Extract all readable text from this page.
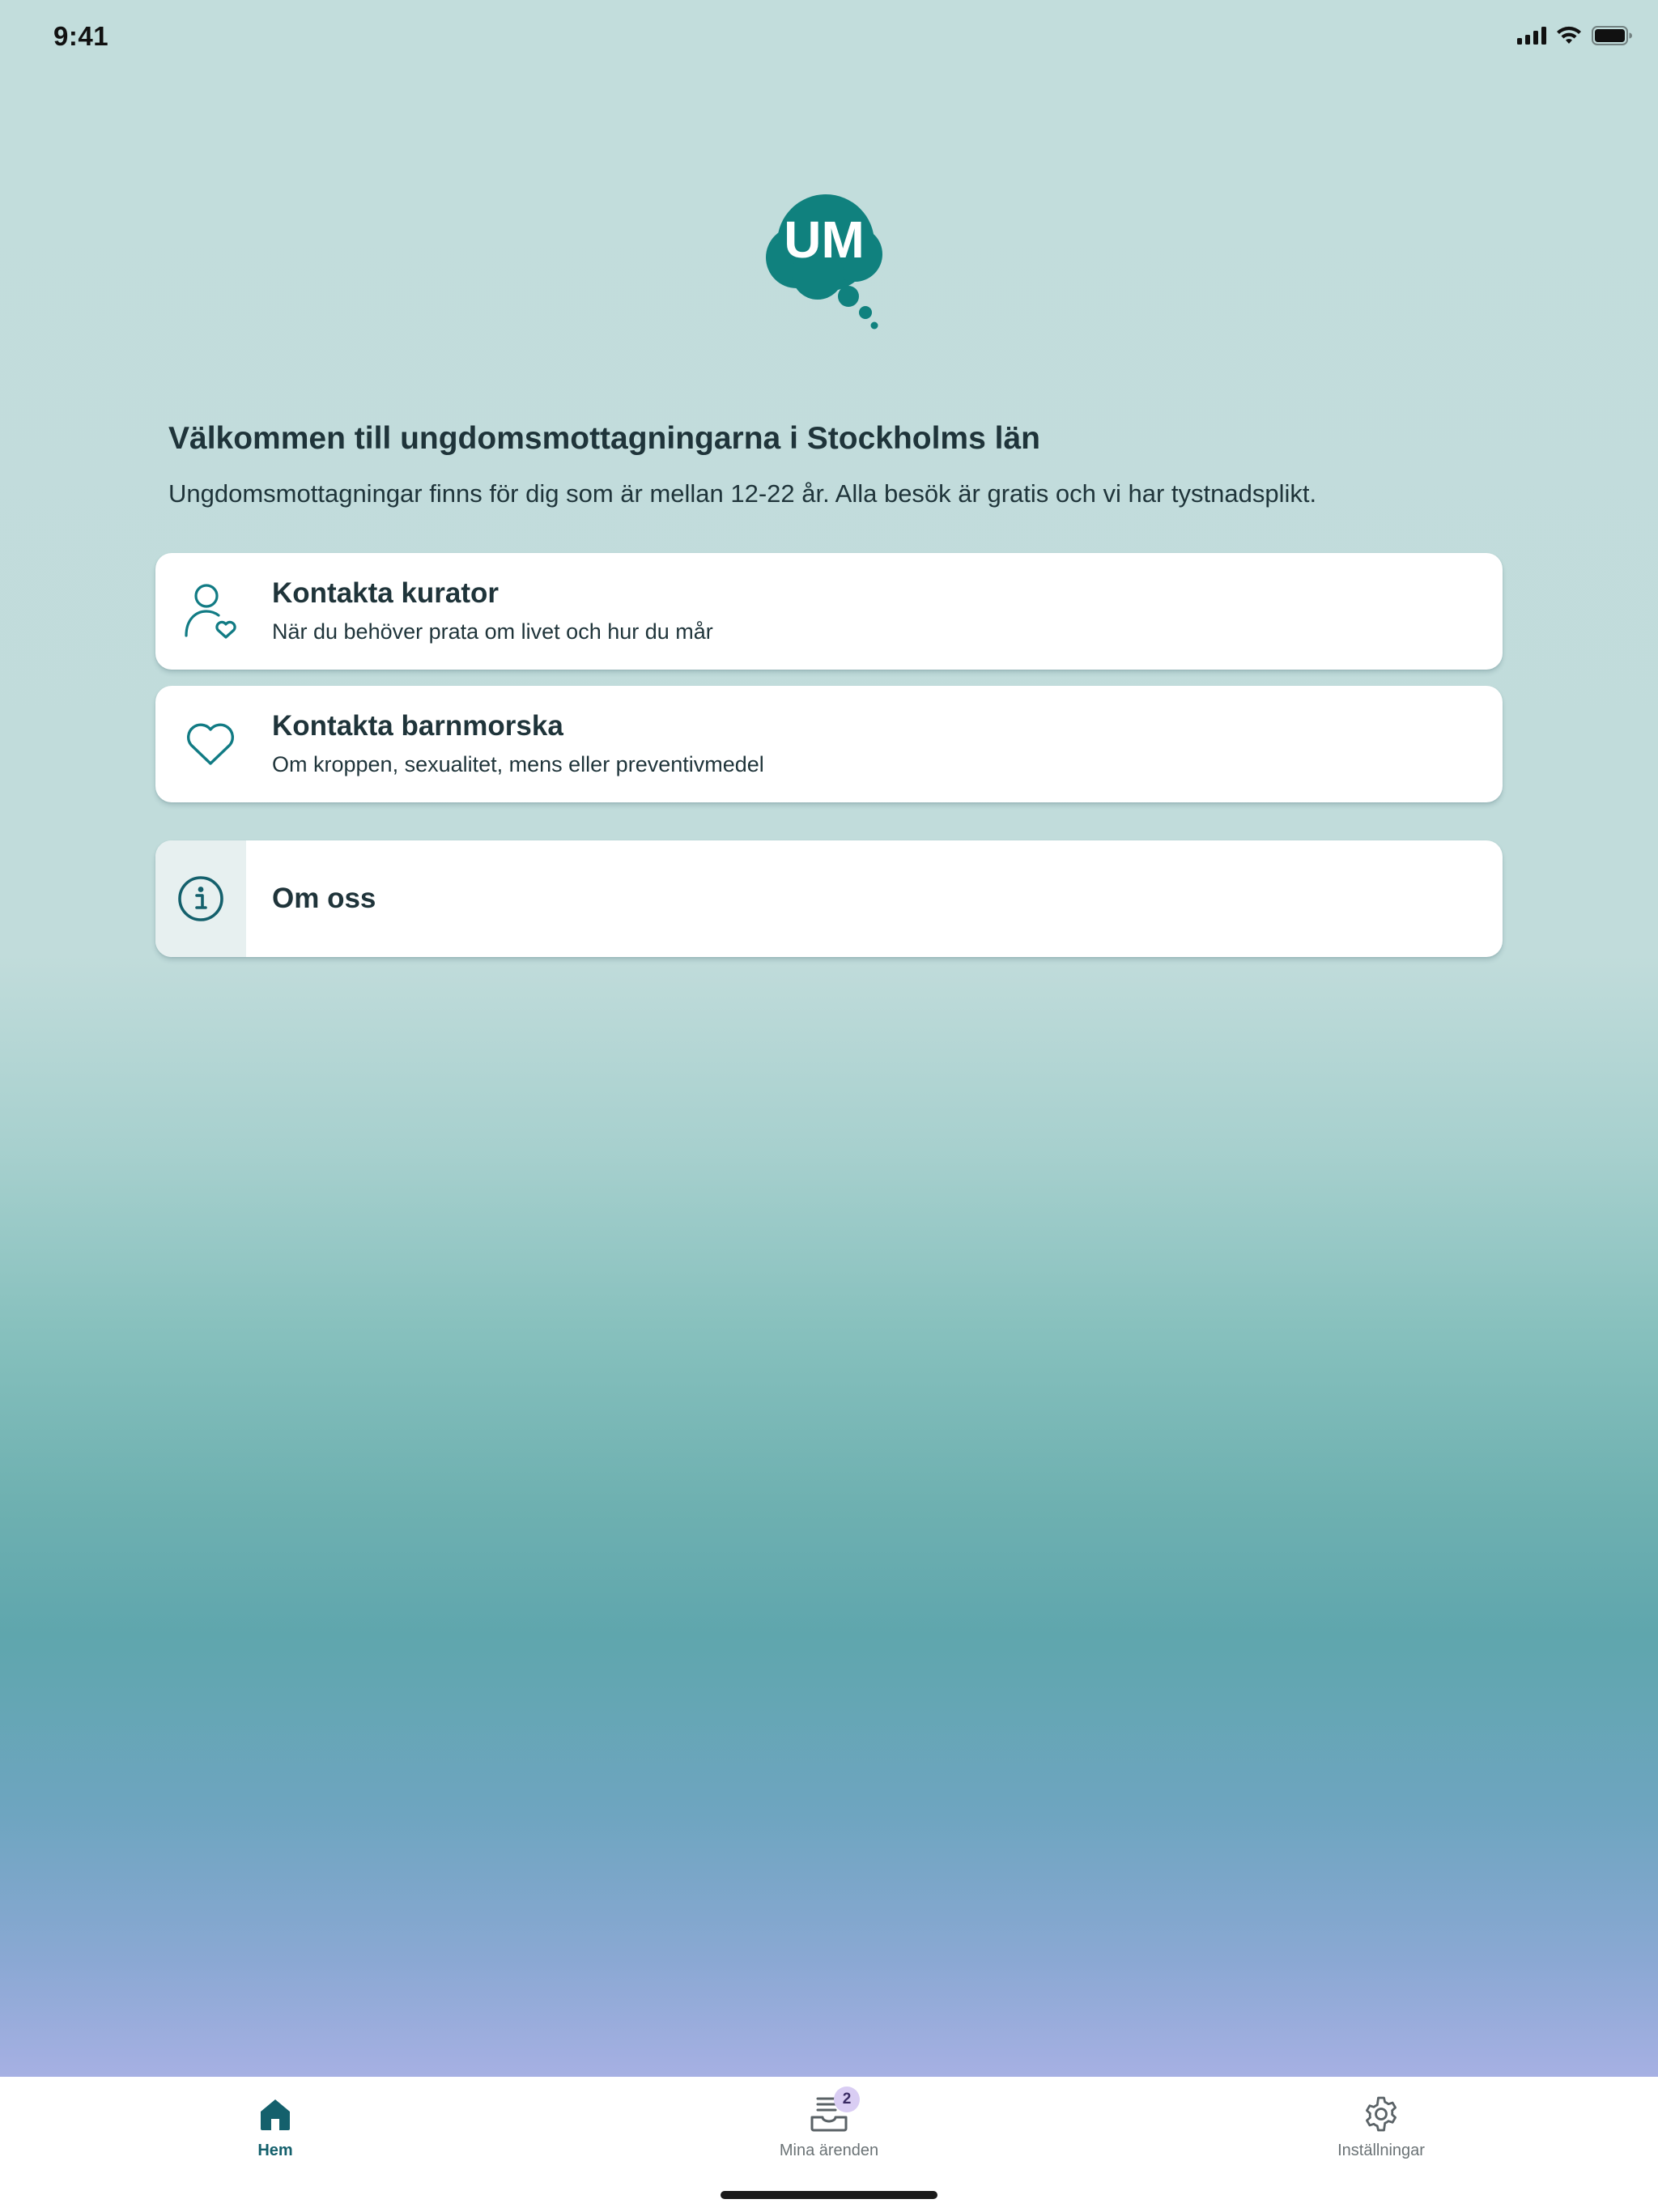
9:41
UM
Välkommen till ungdomsmottagningarna i Stockholms län

Ungdomsmottagningar finns för dig som är mellan 12-22 år. Alla besök är gratis och vi har tystnadsplikt.

Kontakta kurator
När du behöver prata om livet och hur du mår
Kontakta barnmorska
Om kroppen, sexualitet, mens eller preventivmedel
Om oss
Hem
2
Mina ärenden	Inställningar
